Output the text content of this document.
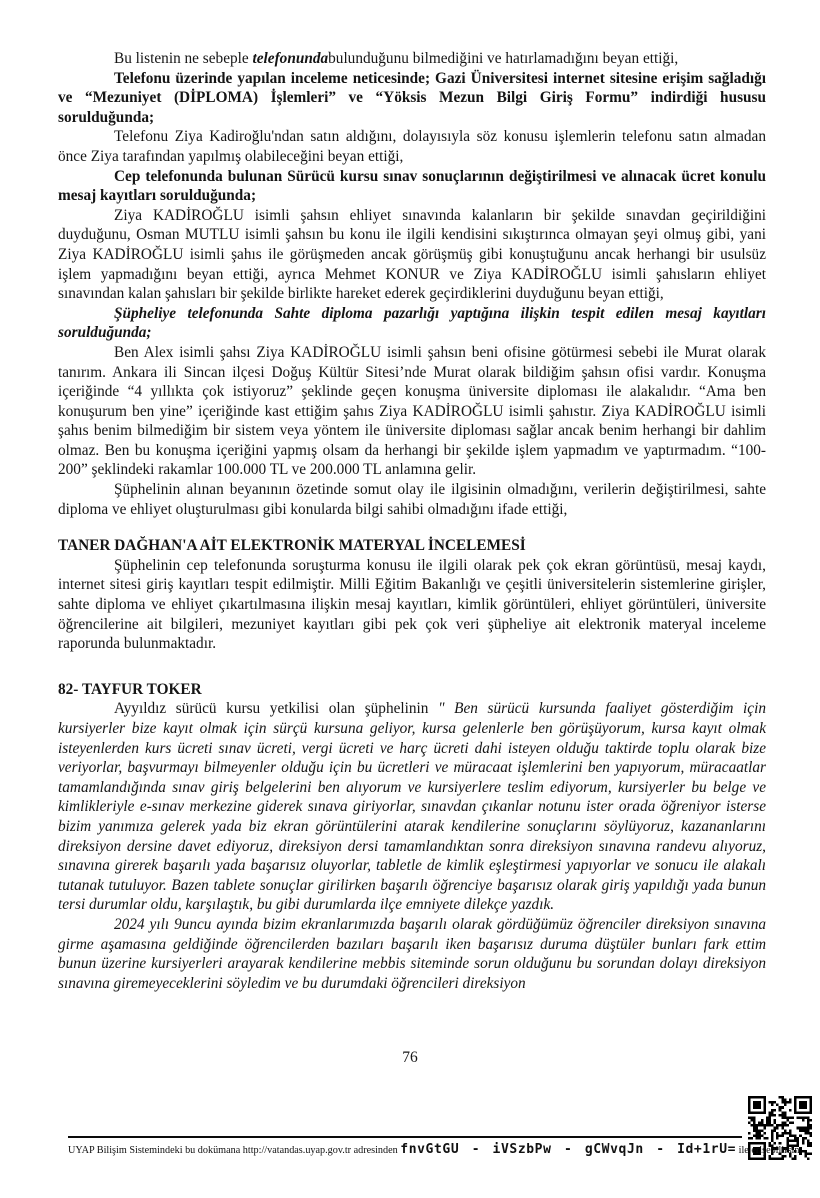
Bu listenin ne sebeple telefonundabulunduğunu bilmediğini ve hatırlamadığını beyan ettiği,

Telefonu üzerinde yapılan inceleme neticesinde; Gazi Üniversitesi internet sitesine erişim sağladığı ve “Mezuniyet (DİPLOMA) İşlemleri” ve “Yöksis Mezun Bilgi Giriş Formu” indirdiği hususu sorulduğunda;

Telefonu Ziya Kadiroğlu'ndan satın aldığını, dolayısıyla söz konusu işlemlerin telefonu satın almadan önce Ziya tarafından yapılmış olabileceğini beyan ettiği,

Cep telefonunda bulunan Sürücü kursu sınav sonuçlarının değiştirilmesi ve alınacak ücret konulu mesaj kayıtları sorulduğunda;

Ziya KADİROĞLU isimli şahsın ehliyet sınavında kalanların bir şekilde sınavdan geçirildiğini duyduğunu, Osman MUTLU isimli şahsın bu konu ile ilgili kendisini sıkıştırınca olmayan şeyi olmuş gibi, yani Ziya KADİROĞLU isimli şahıs ile görüşmeden ancak görüşmüş gibi konuştuğunu ancak herhangi bir usulsüz işlem yapmadığını beyan ettiği, ayrıca Mehmet KONUR ve Ziya KADİROĞLU isimli şahısların ehliyet sınavından kalan şahısları bir şekilde birlikte hareket ederek geçirdiklerini duyduğunu beyan ettiği,

Şüpheliye telefonunda Sahte diploma pazarlığı yaptığına ilişkin tespit edilen mesaj kayıtları sorulduğunda;

Ben Alex isimli şahsı Ziya KADİROĞLU isimli şahsın beni ofisine götürmesi sebebi ile Murat olarak tanırım. Ankara ili Sincan ilçesi Doğuş Kültür Sitesi’nde Murat olarak bildiğim şahsın ofisi vardır. Konuşma içeriğinde “4 yıllıkta çok istiyoruz” şeklinde geçen konuşma üniversite diploması ile alakalıdır. “Ama ben konuşurum ben yine” içeriğinde kast ettiğim şahıs Ziya KADİROĞLU isimli şahıstır. Ziya KADİROĞLU isimli şahıs benim bilmediğim bir sistem veya yöntem ile üniversite diploması sağlar ancak benim herhangi bir dahlim olmaz. Ben bu konuşma içeriğini yapmış olsam da herhangi bir şekilde işlem yapmadım ve yaptırmadım. “100-200” şeklindeki rakamlar 100.000 TL ve 200.000 TL anlamına gelir.

Şüphelinin alınan beyanının özetinde somut olay ile ilgisinin olmadığını, verilerin değiştirilmesi, sahte diploma ve ehliyet oluşturulması gibi konularda bilgi sahibi olmadığını ifade ettiği,

TANER DAĞHAN'A AİT ELEKTRONİK MATERYAL İNCELEMESİ

Şüphelinin cep telefonunda soruşturma konusu ile ilgili olarak pek çok ekran görüntüsü, mesaj kaydı, internet sitesi giriş kayıtları tespit edilmiştir. Milli Eğitim Bakanlığı ve çeşitli üniversitelerin sistemlerine girişler, sahte diploma ve ehliyet çıkartılmasına ilişkin mesaj kayıtları, kimlik görüntüleri, ehliyet görüntüleri, üniversite öğrencilerine ait bilgileri, mezuniyet kayıtları gibi pek çok veri şüpheliye ait elektronik materyal inceleme raporunda bulunmaktadır.

82- TAYFUR TOKER

Ayyıldız sürücü kursu yetkilisi olan şüphelinin " Ben sürücü kursunda faaliyet gösterdiğim için kursiyerler bize kayıt olmak için sürçü kursuna geliyor, kursa gelenlerle ben görüşüyorum, kursa kayıt olmak isteyenlerden kurs ücreti sınav ücreti, vergi ücreti ve harç ücreti dahi isteyen olduğu taktirde toplu olarak bize veriyorlar, başvurmayı bilmeyenler olduğu için bu ücretleri ve müracaat işlemlerini ben yapıyorum, müracaatlar tamamlandığında sınav giriş belgelerini ben alıyorum ve kursiyerlere teslim ediyorum, kursiyerler bu belge ve kimlikleriyle e-sınav merkezine giderek sınava giriyorlar, sınavdan çıkanlar notunu ister orada öğreniyor isterse bizim yanımıza gelerek yada biz ekran görüntülerini atarak kendilerine sonuçlarını söylüyoruz, kazananlarını direksiyon dersine davet ediyoruz, direksiyon dersi tamamlandıktan sonra direksiyon sınavına randevu alıyoruz, sınavına girerek başarılı yada başarısız oluyorlar, tabletle de kimlik eşleştirmesi yapıyorlar ve sonucu ile alakalı tutanak tutuluyor. Bazen tablete sonuçlar girilirken başarılı öğrenciye başarısız olarak giriş yapıldığı yada bunun tersi durumlar oldu, karşılaştık, bu gibi durumlarda ilçe emniyete dilekçe yazdık.

2024 yılı 9uncu ayında bizim ekranlarımızda başarılı olarak gördüğümüz öğrenciler direksiyon sınavına girme aşamasına geldiğinde öğrencilerden bazıları başarılı iken başarısız duruma düştüler bunları fark ettim bunun üzerine kursiyerleri arayarak kendilerine mebbis siteminde sorun olduğunu bu sorundan dolayı direksiyon sınavına giremeyeceklerini söyledim ve bu durumdaki öğrencileri direksiyon

76
UYAP Bilişim Sistemindeki bu dokümana http://vatandas.uyap.gov.tr adresinden fnvGtGU - iVSzbPw - gCWvqJn - Id+1rU= ile erişebilirsin
